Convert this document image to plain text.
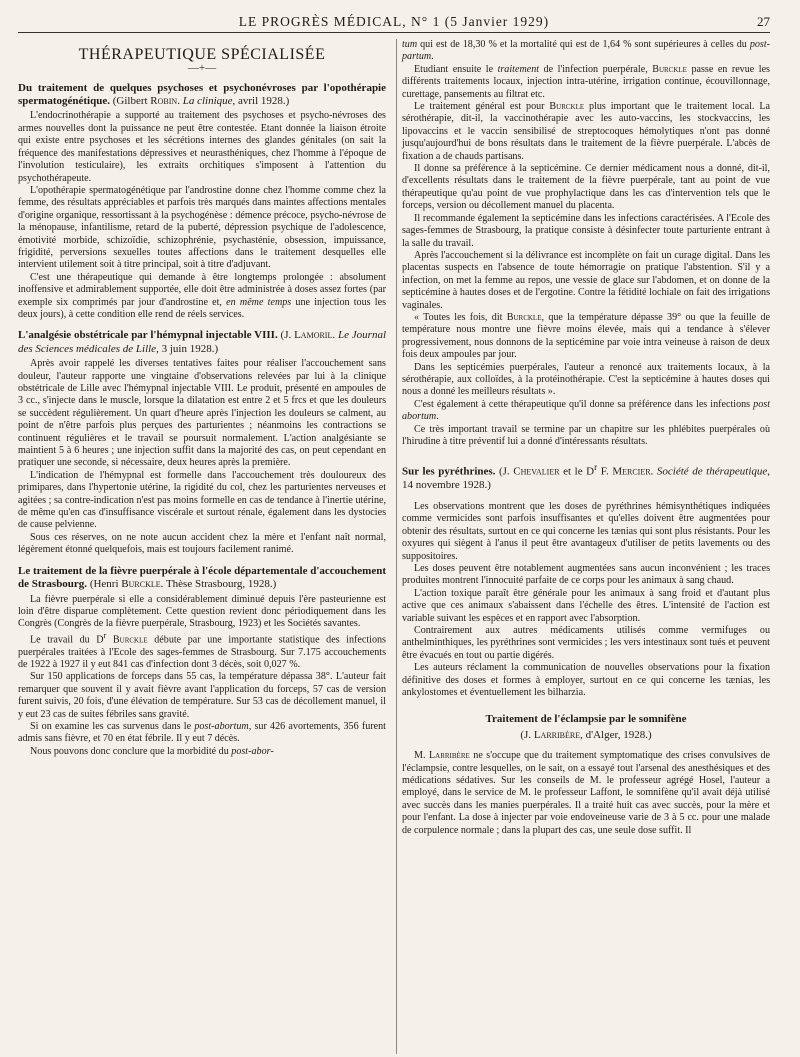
LE PROGRÈS MÉDICAL, N° 1 (5 Janvier 1929)	27
THÉRAPEUTIQUE SPÉCIALISÉE
—+—

Du traitement de quelques psychoses et psychonévroses par l'opothérapie spermatogénétique. (Gilbert Robin. La clinique, avril 1928.)

L'endocrinothérapie a supporté au traitement des psychoses et psycho-névroses des armes nouvelles dont la puissance ne peut être contestée. Etant donnée la liaison étroite qui existe entre psychoses et les sécrétions internes des glandes génitales (on sait la fréquence des manifestations dépressives et neurasthéniques, chez l'homme à l'époque de l'involution testiculaire), les extraits orchitiques s'imposent à l'attention du psychothérapeute.

L'opothérapie spermatogénétique par l'androstine donne chez l'homme comme chez la femme, des résultats appréciables et parfois très marqués dans maintes affections mentales d'origine organique, ressortissant à la psychogénèse : démence précoce, psycho-névrose de la ménopause, infantilisme, retard de la puberté, dépression psychique de l'adolescence, émotivité morbide, schizoïdie, schizophrénie, psychasténie, obsession, impuissance, frigidité, perversions sexuelles toutes affections dans le traitement desquelles elle intervient utilement soit à titre principal, soit à titre d'adjuvant.

C'est une thérapeutique qui demande à être longtemps prolongée : absolument inoffensive et admirablement supportée, elle doit être administrée à doses assez fortes (par exemple six comprimés par jour d'androstine et, en même temps une injection tous les deux jours), à cette condition elle rend de réels services.

L'analgésie obstétricale par l'hémypnal injectable VIII. (J. Lamoril. Le Journal des Sciences médicales de Lille, 3 juin 1928.)

Après avoir rappelé les diverses tentatives faites pour réaliser l'accouchement sans douleur, l'auteur rapporte une vingtaine d'observations relevées par lui à la clinique obstétricale de Lille avec l'hémypnal injectable VIII. Le produit, présenté en ampoules de 3 cc., s'injecte dans le muscle, lorsque la dilatation est entre 2 et 5 frcs et que les douleurs se succèdent régulièrement. Un quart d'heure après l'injection les douleurs se calment, au point de n'être parfois plus perçues des parturientes ; néanmoins les contractions se continuent régulières et le travail se poursuit normalement. L'action analgésiante se maintient 5 à 6 heures ; une injection suffit dans la majorité des cas, on peut cependant en pratiquer une seconde, si nécessaire, deux heures après la première.

L'indication de l'hémypnal est formelle dans l'accouchement très douloureux des primipares, dans l'hypertonie utérine, la rigidité du col, chez les parturientes nerveuses et agitées ; sa contre-indication n'est pas moins formelle en cas de tendance à l'inertie utérine, de même qu'en cas d'insuffisance viscérale et surtout rénale, également dans les dystocies de cause pelvienne.

Sous ces réserves, on ne note aucun accident chez la mère et l'enfant naît normal, légèrement étonné quelquefois, mais est toujours facilement ranimé.

Le traitement de la fièvre puerpérale à l'école départementale d'accouchement de Strasbourg. (Henri Burckle. Thèse Strasbourg, 1928.)

La fièvre puerpérale si elle a considérablement diminué depuis l'ère pasteurienne est loin d'être disparue complètement. Cette question revient donc périodiquement dans les Congrès (Congrès de la fièvre puerpérale, Strasbourg, 1923) et les Sociétés savantes.

Le travail du $D^r$ Burckle débute par une importante statistique des infections puerpérales traitées à l'Ecole des sages-femmes de Strasbourg. Sur 7.175 accouchements de 1922 à 1927 il y eut 841 cas d'infection dont 3 décès, soit 0,027 %.

Sur 150 applications de forceps dans 55 cas, la température dépassa 38°. L'auteur fait remarquer que souvent il y avait fièvre avant l'application du forceps, 57 cas de version furent suivis, 20 fois, d'une élévation de température. Sur 53 cas de décollement manuel, il y eut 23 cas de suites fébriles sans gravité.

Si on examine les cas survenus dans le post-abortum, sur 426 avortements, 356 furent admis sans fièvre, et 70 en état fébrile. Il y eut 7 décès.

Nous pouvons donc conclure que la morbidité du post-abor-

tum qui est de 18,30 % et la mortalité qui est de 1,64 % sont supérieures à celles du post-partum.

Etudiant ensuite le traitement de l'infection puerpérale, Burckle passe en revue les différents traitements locaux, injection intra-utérine, irrigation continue, écouvillonnage, curettage, pansements au filtrat etc.

Le traitement général est pour Burckle plus important que le traitement local. La sérothérapie, dit-il, la vaccinothérapie avec les auto-vaccins, les stockvaccins, les lipovaccins et le vaccin sensibilisé de streptocoques hémolytiques n'ont pas donné jusqu'aujourd'hui de bons résultats dans le traitement de la fièvre puerpérale. L'abcès de fixation a de chauds partisans.

Il donne sa préférence à la septicémine. Ce dernier médicament nous a donné, dit-il, d'excellents résultats dans le traitement de la fièvre puerpérale, tant au point de vue thérapeutique qu'au point de vue prophylactique dans les cas d'intervention tels que le forceps, version ou décollement manuel du placenta.

Il recommande également la septicémine dans les infections caractérisées. A l'Ecole des sages-femmes de Strasbourg, la pratique consiste à désinfecter toute parturiente entrant à la salle du travail.

Après l'accouchement si la délivrance est incomplète on fait un curage digital. Dans les placentas suspects en l'absence de toute hémorragie on pratique l'abstention. S'il y a infection, on met la femme au repos, une vessie de glace sur l'abdomen, et on donne de la septicémine à hautes doses et de l'ergotine. Contre la fétidité lochiale on fait des irrigations vaginales.

« Toutes les fois, dit Burckle, que la température dépasse 39° ou que la feuille de température nous montre une fièvre moins élevée, mais qui a tendance à s'élever progressivement, nous donnons de la septicémine par voie intra veineuse à raison de deux fois deux ampoules par jour.

Dans les septicémies puerpérales, l'auteur a renoncé aux traitements locaux, à la sérothérapie, aux colloïdes, à la protéinothérapie. C'est la septicémine à hautes doses qui nous a donné les meilleurs résultats ».

C'est également à cette thérapeutique qu'il donne sa préférence dans les infections post abortum.

Ce très important travail se termine par un chapitre sur les phlébites puerpérales où l'hirudine à titre préventif lui a donné d'intéressants résultats.

Sur les pyréthrines. (J. Chevalier et le $D^r$ F. Mercier. Société de thérapeutique, 14 novembre 1928.)

Les observations montrent que les doses de pyréthrines hémisynthétiques indiquées comme vermicides sont parfois insuffisantes et qu'elles doivent être augmentées pour obtenir des résultats, surtout en ce qui concerne les tænias qui sont plus résistants. Pour les oxyures qui siègent à l'anus il peut être avantageux d'utiliser de petits lavements ou des suppositoires.

Les doses peuvent être notablement augmentées sans aucun inconvénient ; les traces produites montrent l'innocuité parfaite de ce corps pour les animaux à sang chaud.

L'action toxique paraît être générale pour les animaux à sang froid et d'autant plus active que ces animaux s'abaissent dans l'échelle des êtres. L'intensité de l'action est variable suivant les espèces et en rapport avec l'absorption.

Contrairement aux autres médicaments utilisés comme vermifuges ou anthelminthiques, les pyréthrines sont vermicides ; les vers intestinaux sont tués et peuvent être évacués en tout ou partie digérés.

Les auteurs réclament la communication de nouvelles observations pour la fixation définitive des doses et formes à employer, surtout en ce qui concerne les tænias, les ankylostomes et éventuellement les bilharzia.

Traitement de l'éclampsie par le somnifène

(J. Larribère, d'Alger, 1928.)

M. Larribère ne s'occupe que du traitement symptomatique des crises convulsives de l'éclampsie, contre lesquelles, on le sait, on a essayé tout l'arsenal des anesthésiques et des médications sédatives. Sur les conseils de M. le professeur agrégé Hosel, l'auteur a employé, dans le service de M. le professeur Laffont, le somnifène qu'il avait déjà utilisé avec succès dans les manies puerpérales. Il a traité huit cas avec succès, pour la mère et pour l'enfant. La dose à injecter par voie endoveineuse varie de 3 à 5 cc. pour une malade de corpulence normale ; dans la plupart des cas, une seule dose suffit. Il
